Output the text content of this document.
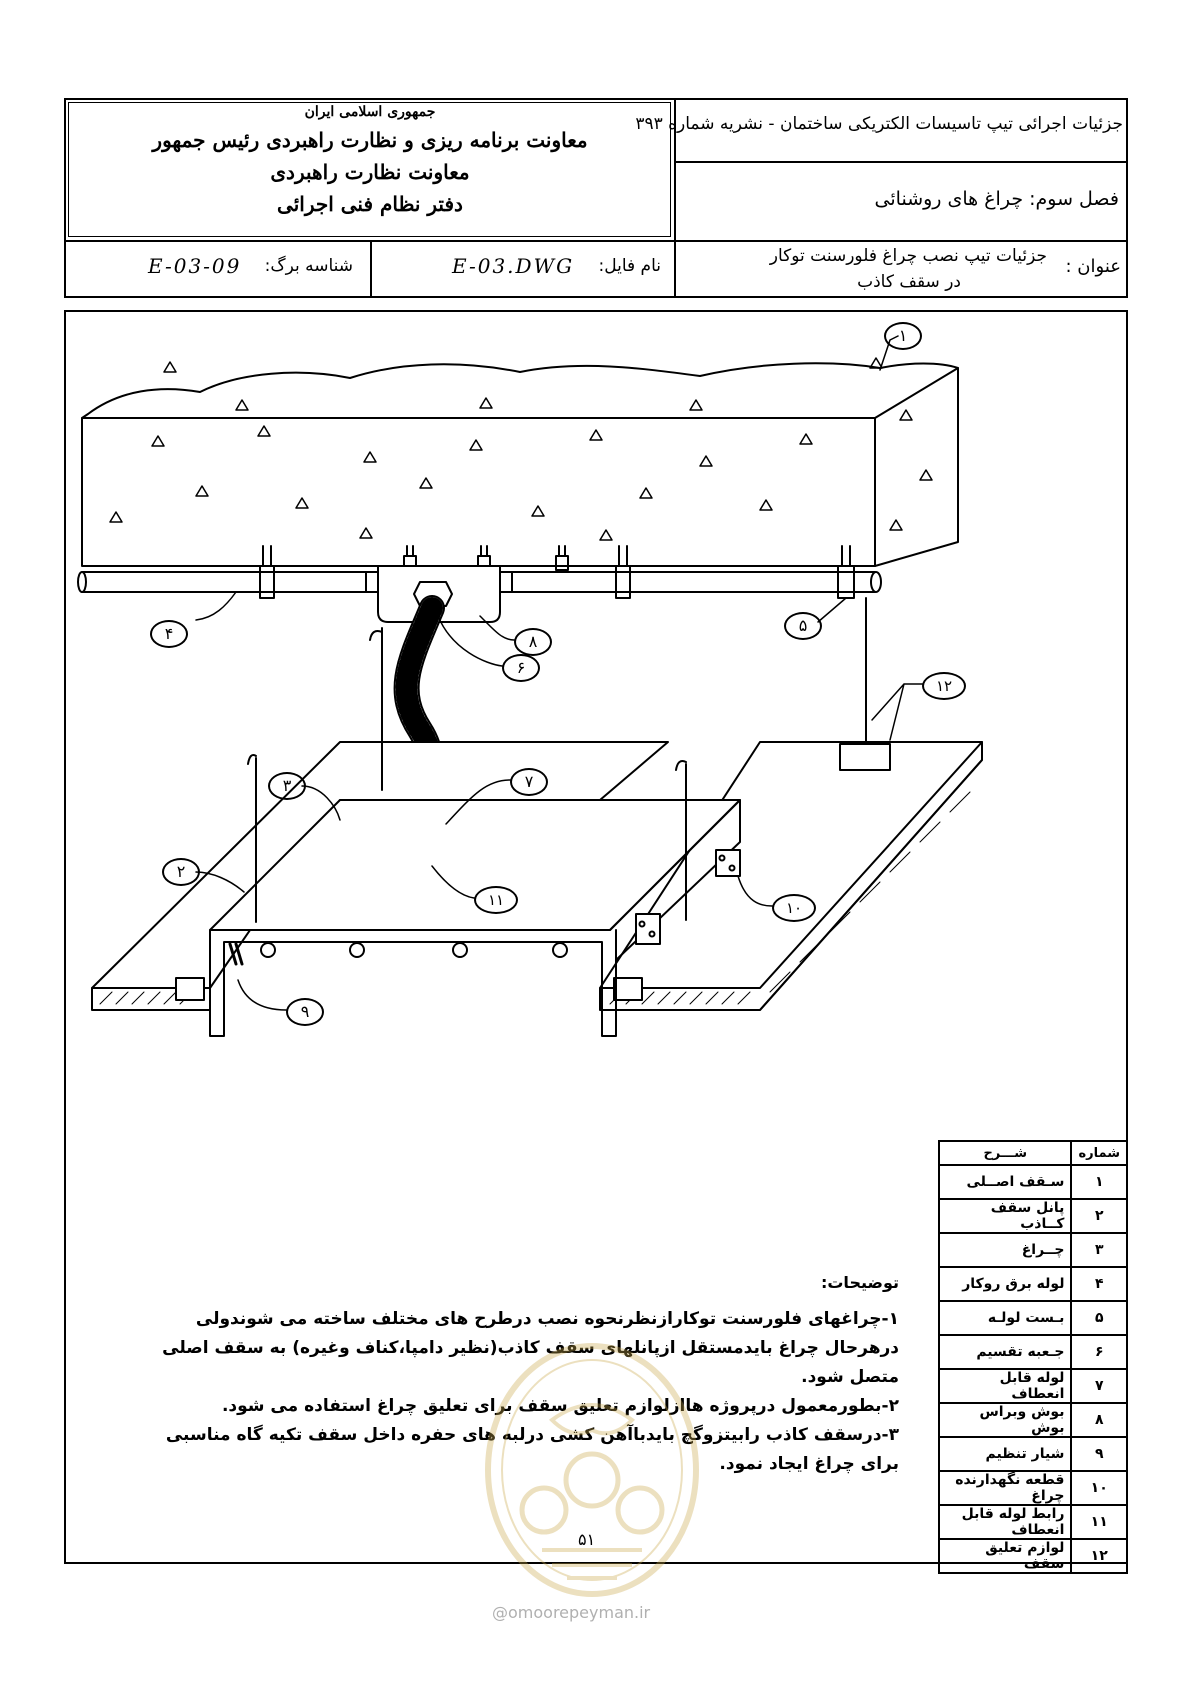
جمهوری اسلامی ایران
معاونت برنامه ریزی و نظارت راهبردی رئیس جمهور
معاونت نظارت راهبردی
دفتر نظام فنی اجرائی
جزئیات اجرائی تیپ تاسیسات الکتریکی ساختمان - نشریه شماره ۳۹۳
فصل سوم: چراغ های روشنائی
عنوان :
جزئیات تیپ نصب چراغ فلورسنت توکار
در سقف کاذب
نام فایل:
E-03.DWG
شناسه برگ:
E-03-09
۱
۲
۳
۴	۵
۶
۷
۸
۹
۱۰
۱۱
۱۲
توضیحات:
۱-چراغهای فلورسنت توکارازنظرنحوه نصب درطرح های مختلف ساخته می شوندولی درهرحال چراغ بایدمستقل ازپانلهای سقف کاذب(نظیر دامپا،کناف وغیره) به سقف اصلی متصل شود.
۲-بطورمعمول درپروژه هاازلوازم تعلیق سقف برای تعلیق چراغ استفاده می شود.
۳-درسقف کاذب رابیتزوگچ بایدباآهن کشی درلبه های حفره داخل سقف تکیه گاه مناسبی برای چراغ ایجاد نمود.
شـــرح	شماره
سـقف اصــلی	۱
پانل سقف کــاذب	۲
چــراغ	۳
لوله برق روکار	۴
بـست لولـه	۵
جـعبه تقسیم	۶
لوله قابل انعطاف	۷
بوش وبراس بوش	۸
شیار تنظیم	۹
قطعه نگهدارنده چراغ	۱۰
رابط لوله قابل انعطاف	۱۱
لوازم تعلیق سقف	۱۲
۵۱
@omoorepeyman.ir
